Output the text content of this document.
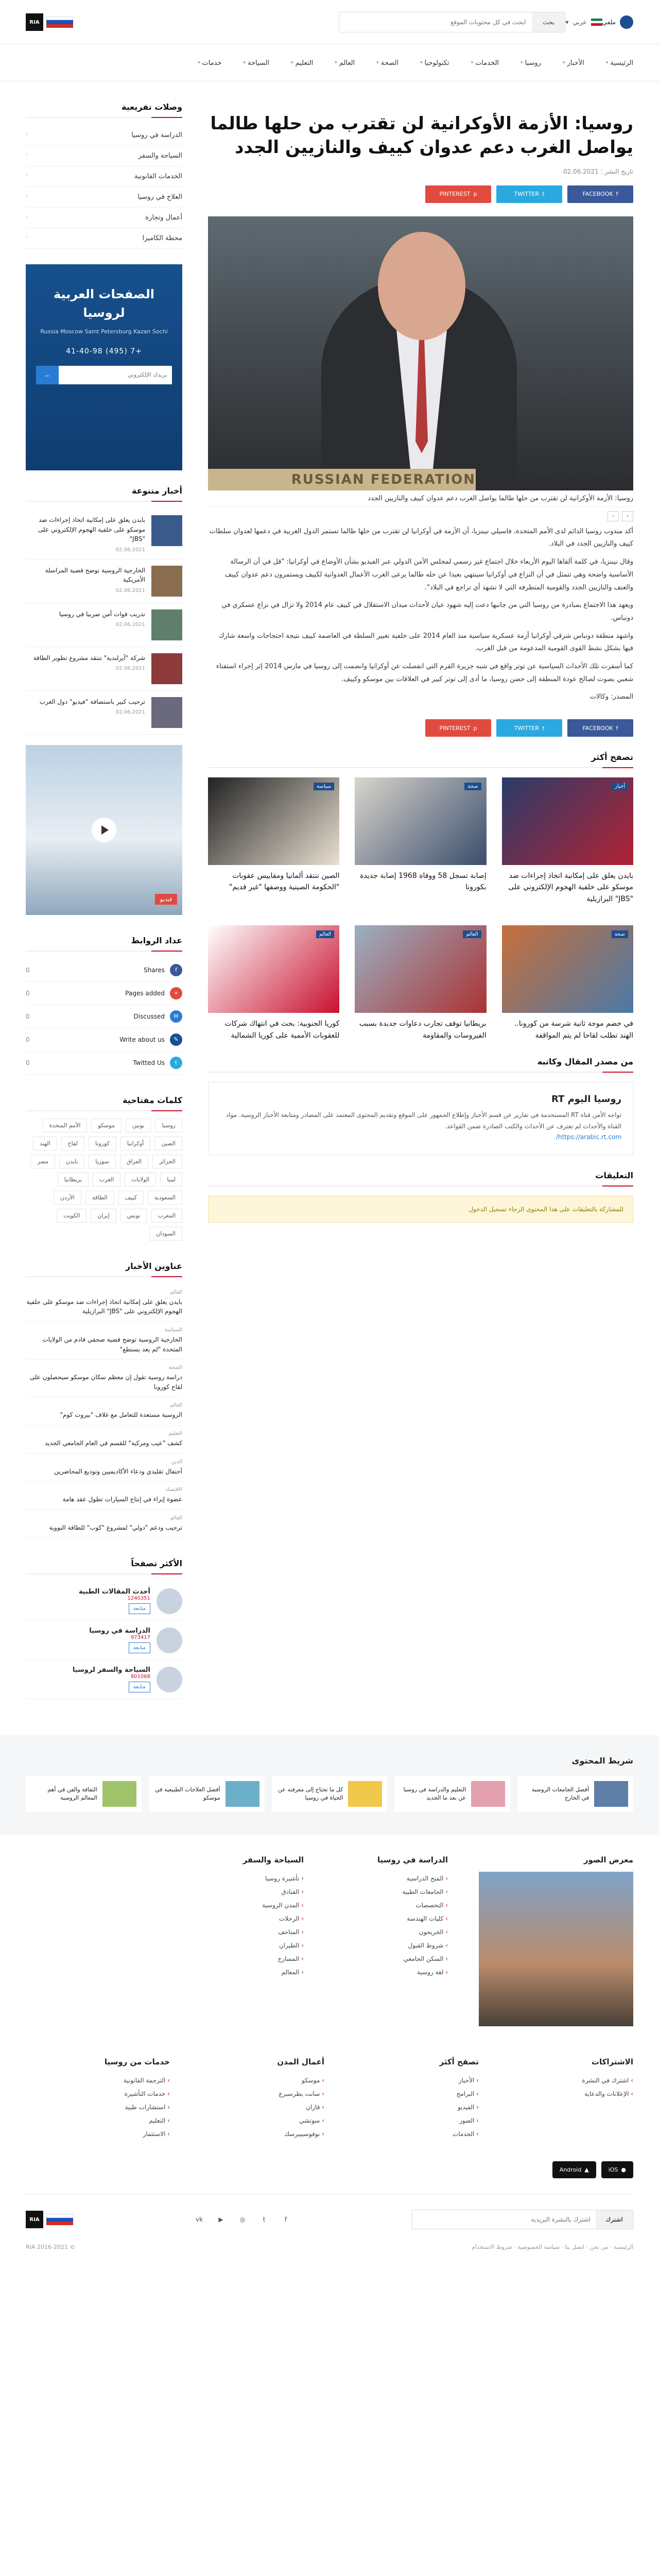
ملفي
عربي
▾
بحث
ابحث في كل محتويات الموقع
RIA
الرئيسية
▾
الأخبار
▾
روسيا
▾
الخدمات
▾
تكنولوجيا
▾
الصحة
▾
العالم
▾
التعليم
▾
السياحة
▾
خدمات
▾
روسيا: الأزمة الأوكرانية لن تقترب من حلها طالما يواصل الغرب دعم عدوان كييف والنازيين الجدد
تاريخ النشر : 02.06.2021
f
FACEBOOK
t
TWITTER
p
PINTEREST
RUSSIAN FEDERATION
روسيا: الأزمة الأوكرانية لن تقترب من حلها طالما يواصل الغرب دعم عدوان كييف والنازيين الجدد
›
‹

أكد مندوب روسيا الدائم لدى الأمم المتحدة، فاسيلي نيبنزيا، أن الأزمة في أوكرانيا لن تقترب من حلها طالما تستمر الدول الغربية في دعمها لعدوان سلطات كييف والنازيين الجدد في البلاد.

وقال نيبنزيا، في كلمة ألقاها اليوم الأربعاء خلال اجتماع غير رسمي لمجلس الأمن الدولي عبر الفيديو بشأن الأوضاع في أوكرانيا: "قل في أن الرسالة الأساسية واضحة وهي تتمثل في أن النزاع في أوكرانيا سينتهي بعيدا عن حله طالما يرعى الغرب الأعمال العدوانية لكييف ويستمرون دعم عدوان كييف والعنف والنازيين الجدد والقومية المتطرفة التي لا تشهد أي تراجع في البلاد".

ويعهد هذا الاجتماع بمبادرة من روسيا التي من جانبها دعت إليه شهود عيان لأحداث ميدان الاستقلال في كييف عام 2014 ولا تزال في نزاع عسكري في دونباس.

واشهد منطقة دونباس شرقي أوكرانيا أزمة عسكرية سياسية منذ العام 2014 على خلفية تغيير السلطة في العاصمة كييف نتيجة احتجاجات واسعة شارك فيها بشكل نشط القوى القومية المدعومة من قبل الغرب.

كما أسفرت تلك الأحداث السياسية عن توتر واقع في شبه جزيرة القرم التي انفصلت عن أوكرانيا وانضمت إلى روسيا في مارس 2014 إثر إجراء استفتاء شعبي بصوت لصالح عودة المنطقة إلى حضن روسيا، ما أدى إلى توتر كبير في العلاقات بين موسكو وكييف.

المصدر: وكالات

f
FACEBOOK
t
TWITTER
p
PINTEREST
تصفح أكثر
أخبار
بايدن يعلق على إمكانية اتخاذ إجراءات ضد موسكو على خلفية الهجوم الإلكتروني على "JBS" البرازيلية
صحة
إصابة تسجل 58 ووفاة 1968 إصابة جديدة بكورونا
سياسة
الصين تنتقد ألمانيا ومقاييس عقوبات "الحكومة الصينية ووصفها "غير قديم"
صحة
في خضم موجة ثانية شرسة من كورونا.. الهند تطلب لقاحا لم يتم المواقفة
العالم
بريطانيا توقف تجارب دعاوات جديدة بسبب الفيروسات والمقاومة
العالم
كوريا الجنوبية: بحث في انتهاك شركات للعقوبات الأممية على كوريا الشمالية
من مصدر المقال وكاتبه
روسيا اليوم RT
تواجه الأمن قناة RT المستخدمة في تقارير عن قسم الأخبار وإطلاع الجمهور على الموقع وتقديم المحتوى المعتمد على المصادر ومتابعة الأخبار الروسية. مواد القناة والأحداث لم تعترف عن الأحداث والكتب الصادرة ضمن القواعد.
https://arabic.rt.com/
التعليقات
للمشاركة بالتعليقات على هذا المحتوى الرجاء تسجيل الدخول
وصلات تفريعية
الدراسة في روسيا
‹
السياحة والسفر
‹
الخدمات القانونية
‹
العلاج في روسيا
‹
أعمال وتجارة
‹
محطة الكاميرا
‹
الصفحات العربية لروسيا
Russia Moscow Saint Petersburg Kazan Sochi
+7 (495) 41-40-98
بريدك الإلكتروني
←
أخبار متنوعة
بايدن يعلق على إمكانية اتخاذ إجراءات ضد موسكو على خلفية الهجوم الإلكتروني على "JBS"
02.06.2021
الخارجية الروسية توضح قضية المراسلة الأمريكية
02.06.2021
تدريب قوات أمن صربيا في روسيا
02.06.2021
شركة "آيرلندية" تنتقد مشروع تطوير الطاقة
02.06.2021
ترحيب كبير باستضافة "فيديو" دول الغرب
02.06.2021
فيديو
عداد الروابط
f
Shares
0
+
Pages added
0
✉
Discussed
0
✎
Write about us
0
t
Twitted Us
0
كلمات مفتاحية
روسيا
بوتين
موسكو
الأمم المتحدة
الصين
أوكرانيا
كورونا
لقاح
الهند
الجزائر
العراق
سوريا
بايدن
مصر
ليبيا
الولايات
الغرب
بريطانيا
السعودية
كييف
الطاقة
الأردن
المغرب
تونس
إيران
الكويت
السودان
عناوين الأخبار
العالم
بايدن يعلق على إمكانية اتخاذ إجراءات ضد موسكو على خلفية الهجوم الإلكتروني على "JBS" البرازيلية
السياسة
الخارجية الروسية توضح قضية صحفي قادم من الولايات المتحدة "لم يعد يستطع"
الصحة
دراسة روسية تقول إن معظم سكان موسكو سيحصلون على لقاح كورونا
العالم
الروسية مستعدة للتعامل مع غلاف "بيروت كوم"
التعليم
كشف "عيب ومركبة" للقسم في العام الجامعي الجديد
الدين
أحتفال تقليدي ودعاء الأكاديميين وتوديع المحاضرين
الاقتصاد
عضوة إبراء في إنتاج السيارات تطول عقد هامة
العالم
ترحيب ودعم "دولي" لمشروع "كوب" للطاقة النووية
الأكثر تصفحاً
أحدث المقالات الطبية
1240351
متابعة
الدراسة في روسيا
973417
متابعة
السياحة والسفر لروسيا
801068
متابعة
شريط المحتوى
أفضل الجامعات الروسية في الخارج
التعليم والدراسة في روسيا عن بعد ما الجديد
كل ما تحتاج إلى معرفته عن الحياة في روسيا
أفضل العلاجات الطبيعية في موسكو
الثقافة والفن في أهم المعالم الروسية
معرض الصور
الدراسة في روسيا
› المنح الدراسية
› الجامعات الطبية
› التخصصات
› كليات الهندسة
› الخريجون
› شروط القبول
› السكن الجامعي
› لغة روسية
السياحة والسفر
› تأشيرة روسيا
› الفنادق
› المدن الروسية
› الرحلات
› المتاحف
› الطيران
› المسارح
› المعالم
الاشتراكات
› اشترك في النشرة
› الإعلانات والدعاية
تصفح أكثر
› الأخبار
› البرامج
› الفيديو
› الصور
› الخدمات
أعمال المدن
› موسكو
› سانت بطرسبرغ
› قازان
› سوتشي
› نوفوسيبيرسك
خدمات من روسيا
› الترجمة القانونية
› خدمات التأشيرة
› استشارات طبية
› التعليم
› الاستثمار
●
iOS
▲
Android
اشترك
اشترك بالنشرة البريدية
f
t
◎
▶
vk
RIA
الرئيسية · من نحن · اتصل بنا · سياسة الخصوصية · شروط الاستخدام
© 2016-2021 RIA
